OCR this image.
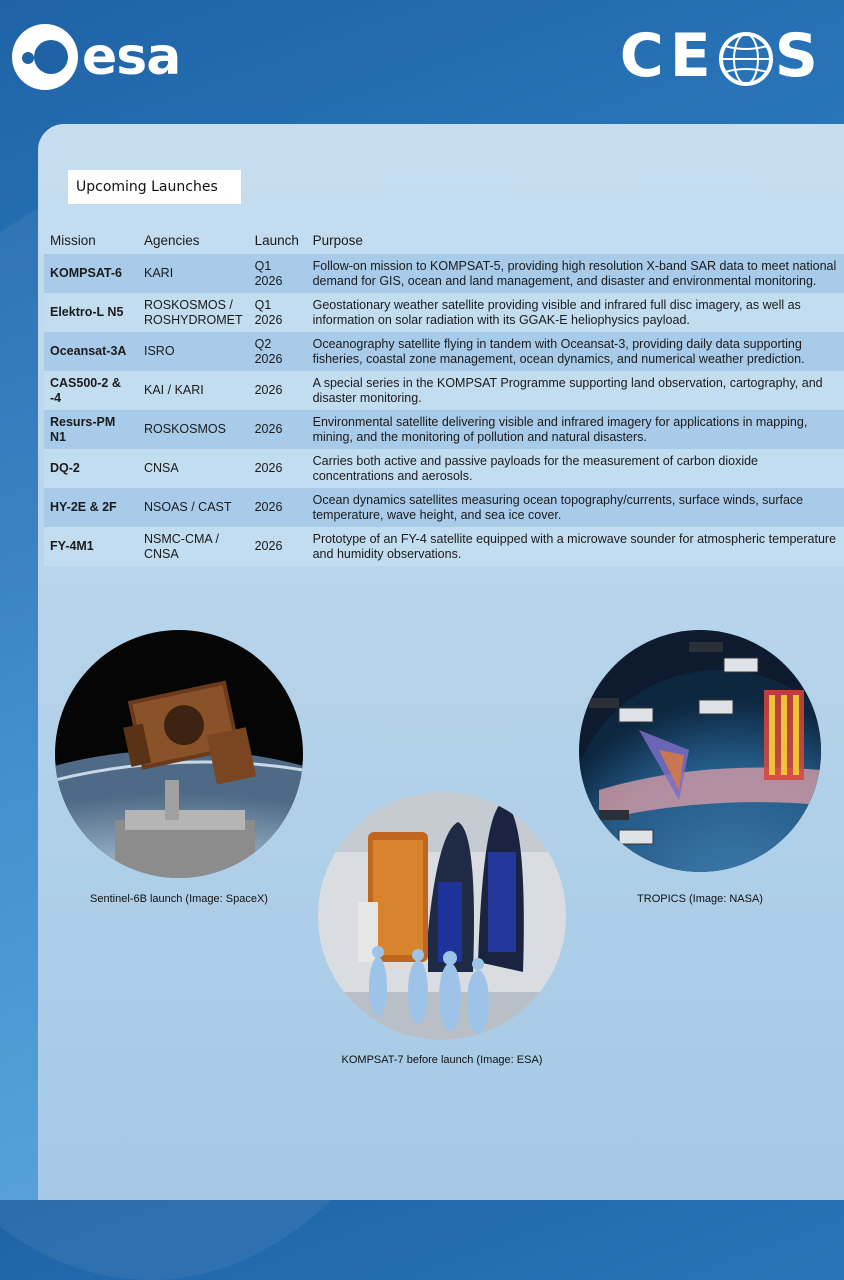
esa	CE S
Upcoming Launches
Mission	Agencies	Launch	Purpose
KOMPSAT-6	KARI	Q1 2026	Follow-on mission to KOMPSAT-5, providing high resolution X-band SAR data to meet national demand for GIS, ocean and land management, and disaster and environmental monitoring.
Elektro-L N5	ROSKOSMOS / ROSHYDROMET	Q1 2026	Geostationary weather satellite providing visible and infrared full disc imagery, as well as information on solar radiation with its GGAK-E heliophysics payload.
Oceansat-3A	ISRO	Q2 2026	Oceanography satellite flying in tandem with Oceansat-3, providing daily data supporting fisheries, coastal zone management, ocean dynamics, and numerical weather prediction.
CAS500-2 & -4	KAI / KARI	2026	A special series in the KOMPSAT Programme supporting land observation, cartography, and disaster monitoring.
Resurs-PM N1	ROSKOSMOS	2026	Environmental satellite delivering visible and infrared imagery for applications in mapping, mining, and the monitoring of pollution and natural disasters.
DQ-2	CNSA	2026	Carries both active and passive payloads for the measurement of carbon dioxide concentrations and aerosols.
HY-2E & 2F	NSOAS / CAST	2026	Ocean dynamics satellites measuring ocean topography/currents, surface winds, surface temperature, wave height, and sea ice cover.
FY-4M1	NSMC-CMA / CNSA	2026	Prototype of an FY-4 satellite equipped with a microwave sounder for atmospheric temperature and humidity observations.
Sentinel-6B launch (Image: SpaceX)
KOMPSAT-7 before launch (Image: ESA)
TROPICS (Image: NASA)
